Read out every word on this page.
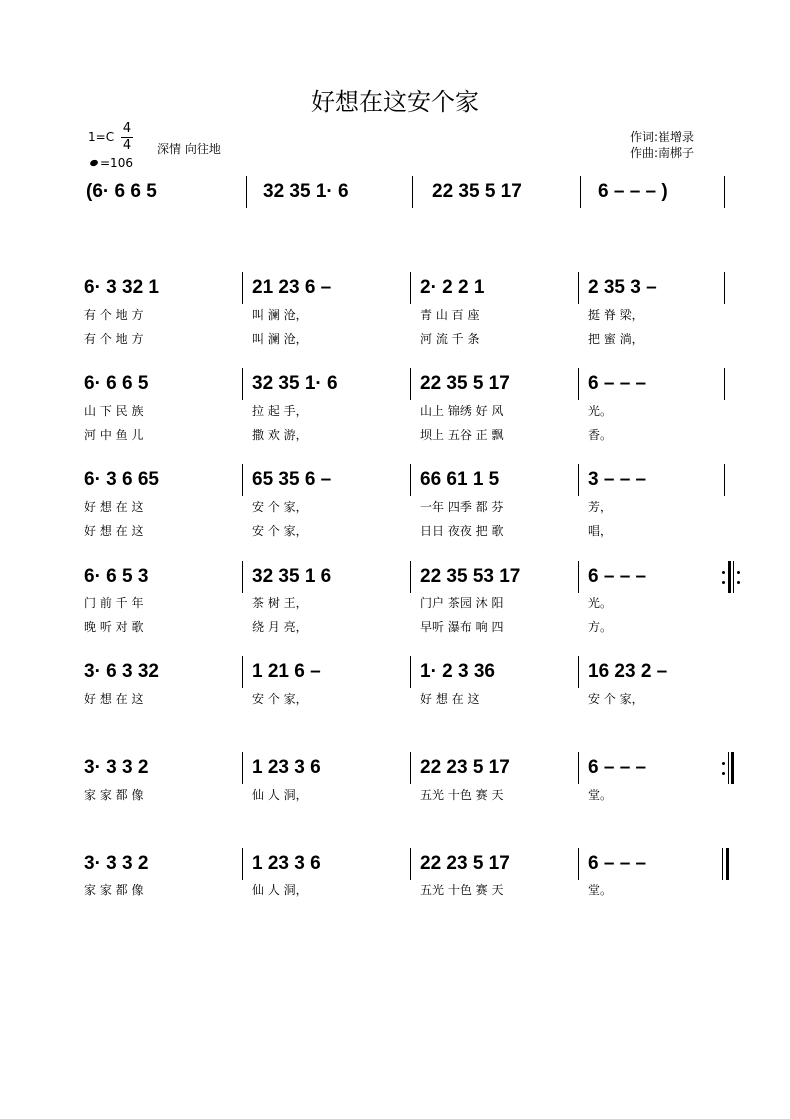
好想在这安个家
1=C
4
4 深情 向往地
=106
作词:崔增录
作曲:南梆子
(6· 6 6 5	32 35 1· 6	22 35 5 17	6 – – – )
6· 3 32 1	21 23 6 –	2· 2 2 1	2 35 3 –
有 个 地 方	叫 澜 沧，	青 山 百 座	挺 脊 梁，
有 个 地 方	叫 澜 沧，	河 流 千 条	把 蜜 淌，
6· 6 6 5	32 35 1· 6	22 35 5 17	6 – – –
山 下 民 族	拉 起 手，	山上 锦绣 好 风	光。
河 中 鱼 儿	撒 欢 游，	坝上 五谷 正 飘	香。
6· 3 6 65	65 35 6 –	66 61 1 5	3 – – –
好 想 在 这	安 个 家，	一年 四季 都 芬	芳，
好 想 在 这	安 个 家，	日日 夜夜 把 歌	唱，
6· 6 5 3	32 35 1 6	22 35 53 17	6 – – –
门 前 千 年	茶 树 王，	门户 茶园 沐 阳	光。
晚 听 对 歌	绕 月 亮，	早听 瀑布 响 四	方。
3· 6 3 32	1 21 6 –	1· 2 3 36	16 23 2 –
好 想 在 这	安 个 家，	好 想 在 这	安 个 家，
3· 3 3 2	1 23 3 6	22 23 5 17	6 – – –
家 家 都 像	仙 人 洞，	五光 十色 赛 天	堂。
3· 3 3 2	1 23 3 6	22 23 5 17	6 – – –
家 家 都 像	仙 人 洞，	五光 十色 赛 天	堂。
